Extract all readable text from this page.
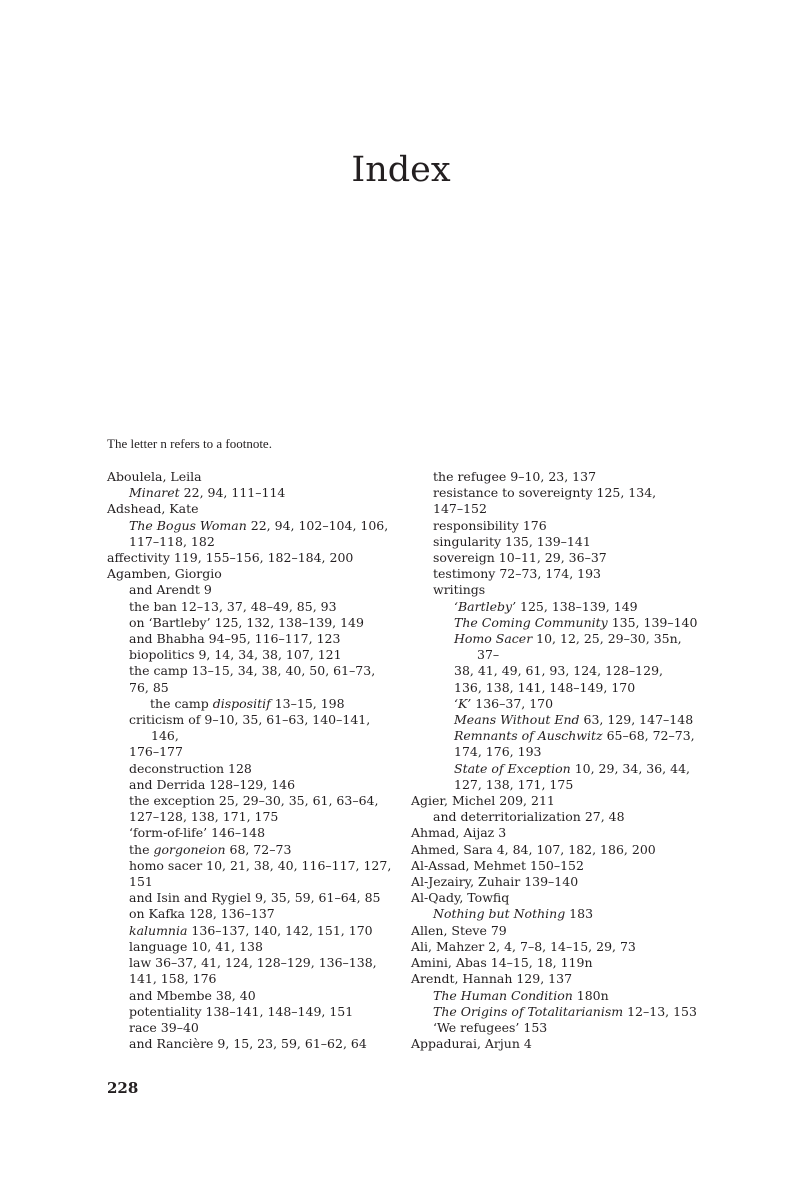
Index
The letter n refers to a footnote.
Aboulela, Leila
Minaret 22, 94, 111–114
Adshead, Kate
The Bogus Woman 22, 94, 102–104, 106,
117–118, 182
affectivity 119, 155–156, 182–184, 200
Agamben, Giorgio
and Arendt 9
the ban 12–13, 37, 48–49, 85, 93
on ‘Bartleby’ 125, 132, 138–139, 149
and Bhabha 94–95, 116–117, 123
biopolitics 9, 14, 34, 38, 107, 121
the camp 13–15, 34, 38, 40, 50, 61–73,
76, 85
the camp dispositif 13–15, 198
criticism of 9–10, 35, 61–63, 140–141, 146,
176–177
deconstruction 128
and Derrida 128–129, 146
the exception 25, 29–30, 35, 61, 63–64,
127–128, 138, 171, 175
‘form-of-life’ 146–148
the gorgoneion 68, 72–73
homo sacer 10, 21, 38, 40, 116–117, 127,
151
and Isin and Rygiel 9, 35, 59, 61–64, 85
on Kafka 128, 136–137
kalumnia 136–137, 140, 142, 151, 170
language 10, 41, 138
law 36–37, 41, 124, 128–129, 136–138,
141, 158, 176
and Mbembe 38, 40
potentiality 138–141, 148–149, 151
race 39–40
and Rancière 9, 15, 23, 59, 61–62, 64
the refugee 9–10, 23, 137
resistance to sovereignty 125, 134,
147–152
responsibility 176
singularity 135, 139–141
sovereign 10–11, 29, 36–37
testimony 72–73, 174, 193
writings
‘Bartleby’ 125, 138–139, 149
The Coming Community 135, 139–140
Homo Sacer 10, 12, 25, 29–30, 35n, 37–
38, 41, 49, 61, 93, 124, 128–129,
136, 138, 141, 148–149, 170
‘K’ 136–37, 170
Means Without End 63, 129, 147–148
Remnants of Auschwitz 65–68, 72–73,
174, 176, 193
State of Exception 10, 29, 34, 36, 44,
127, 138, 171, 175
Agier, Michel 209, 211
and deterritorialization 27, 48
Ahmad, Aijaz 3
Ahmed, Sara 4, 84, 107, 182, 186, 200
Al-Assad, Mehmet 150–152
Al-Jezairy, Zuhair 139–140
Al-Qady, Towfiq
Nothing but Nothing 183
Allen, Steve 79
Ali, Mahzer 2, 4, 7–8, 14–15, 29, 73
Amini, Abas 14–15, 18, 119n
Arendt, Hannah 129, 137
The Human Condition 180n
The Origins of Totalitarianism 12–13, 153
‘We refugees’ 153
Appadurai, Arjun 4
228
